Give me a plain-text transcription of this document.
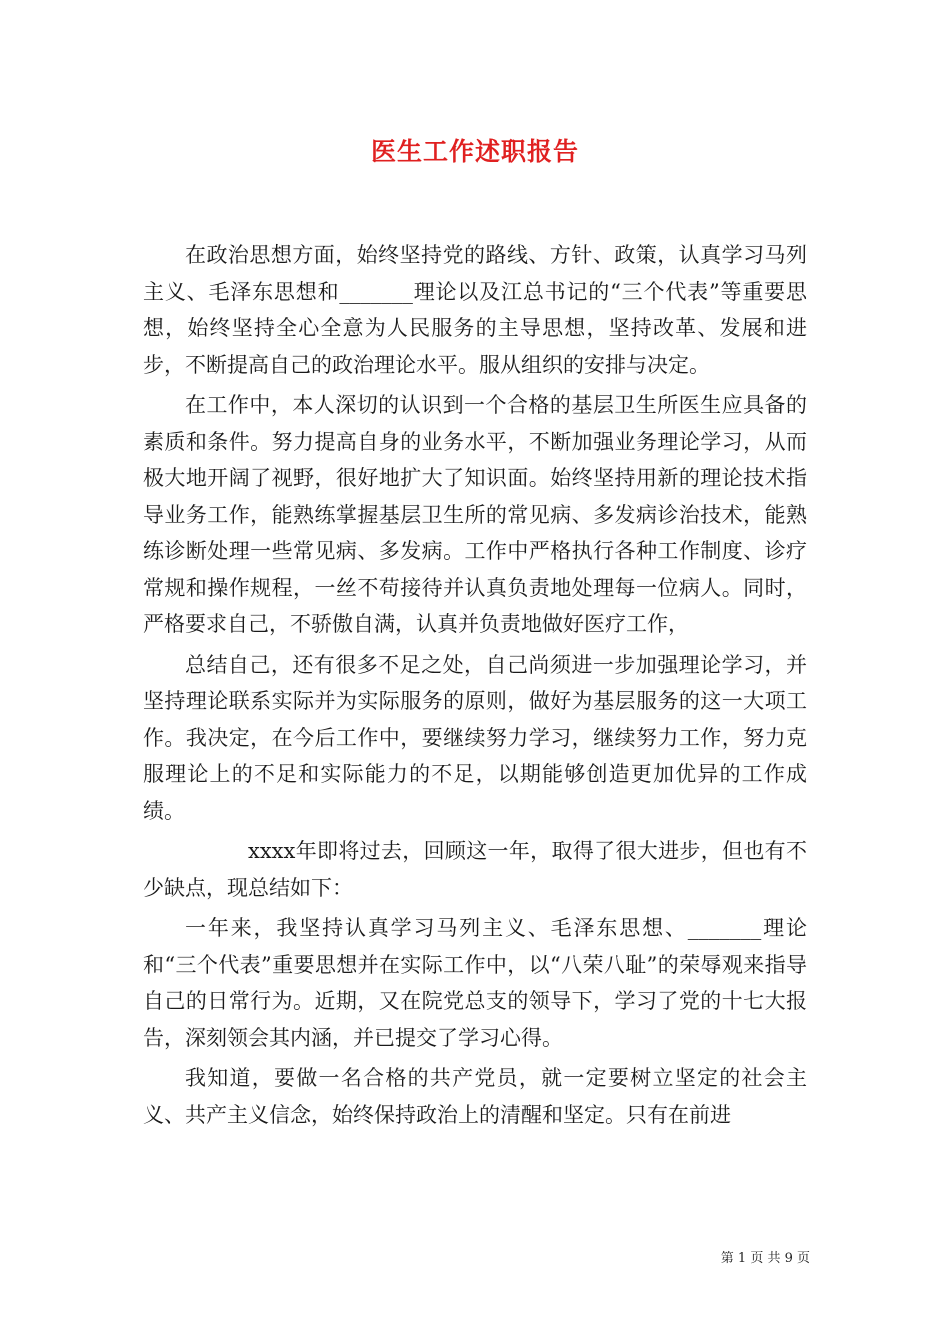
医生工作述职报告

在政治思想方面，始终坚持党的路线、方针、政策，认真学习马列主义、毛泽东思想和_______理论以及江总书记的“三个代表”等重要思想，始终坚持全心全意为人民服务的主导思想，坚持改革、发展和进步，不断提高自己的政治理论水平。服从组织的安排与决定。

在工作中，本人深切的认识到一个合格的基层卫生所医生应具备的素质和条件。努力提高自身的业务水平，不断加强业务理论学习，从而极大地开阔了视野，很好地扩大了知识面。始终坚持用新的理论技术指导业务工作，能熟练掌握基层卫生所的常见病、多发病诊治技术，能熟练诊断处理一些常见病、多发病。工作中严格执行各种工作制度、诊疗常规和操作规程，一丝不苟接待并认真负责地处理每一位病人。同时，严格要求自己，不骄傲自满，认真并负责地做好医疗工作，

总结自己，还有很多不足之处，自己尚须进一步加强理论学习，并坚持理论联系实际并为实际服务的原则，做好为基层服务的这一大项工作。我决定，在今后工作中，要继续努力学习，继续努力工作，努力克服理论上的不足和实际能力的不足，以期能够创造更加优异的工作成绩。

xxxx年即将过去，回顾这一年，取得了很大进步，但也有不少缺点，现总结如下：

一年来，我坚持认真学习马列主义、毛泽东思想、_______理论和“三个代表”重要思想并在实际工作中，以“八荣八耻”的荣辱观来指导自己的日常行为。近期，又在院党总支的领导下，学习了党的十七大报告，深刻领会其内涵，并已提交了学习心得。

我知道，要做一名合格的共产党员，就一定要树立坚定的社会主义、共产主义信念，始终保持政治上的清醒和坚定。只有在前进

第 1 页 共 9 页
